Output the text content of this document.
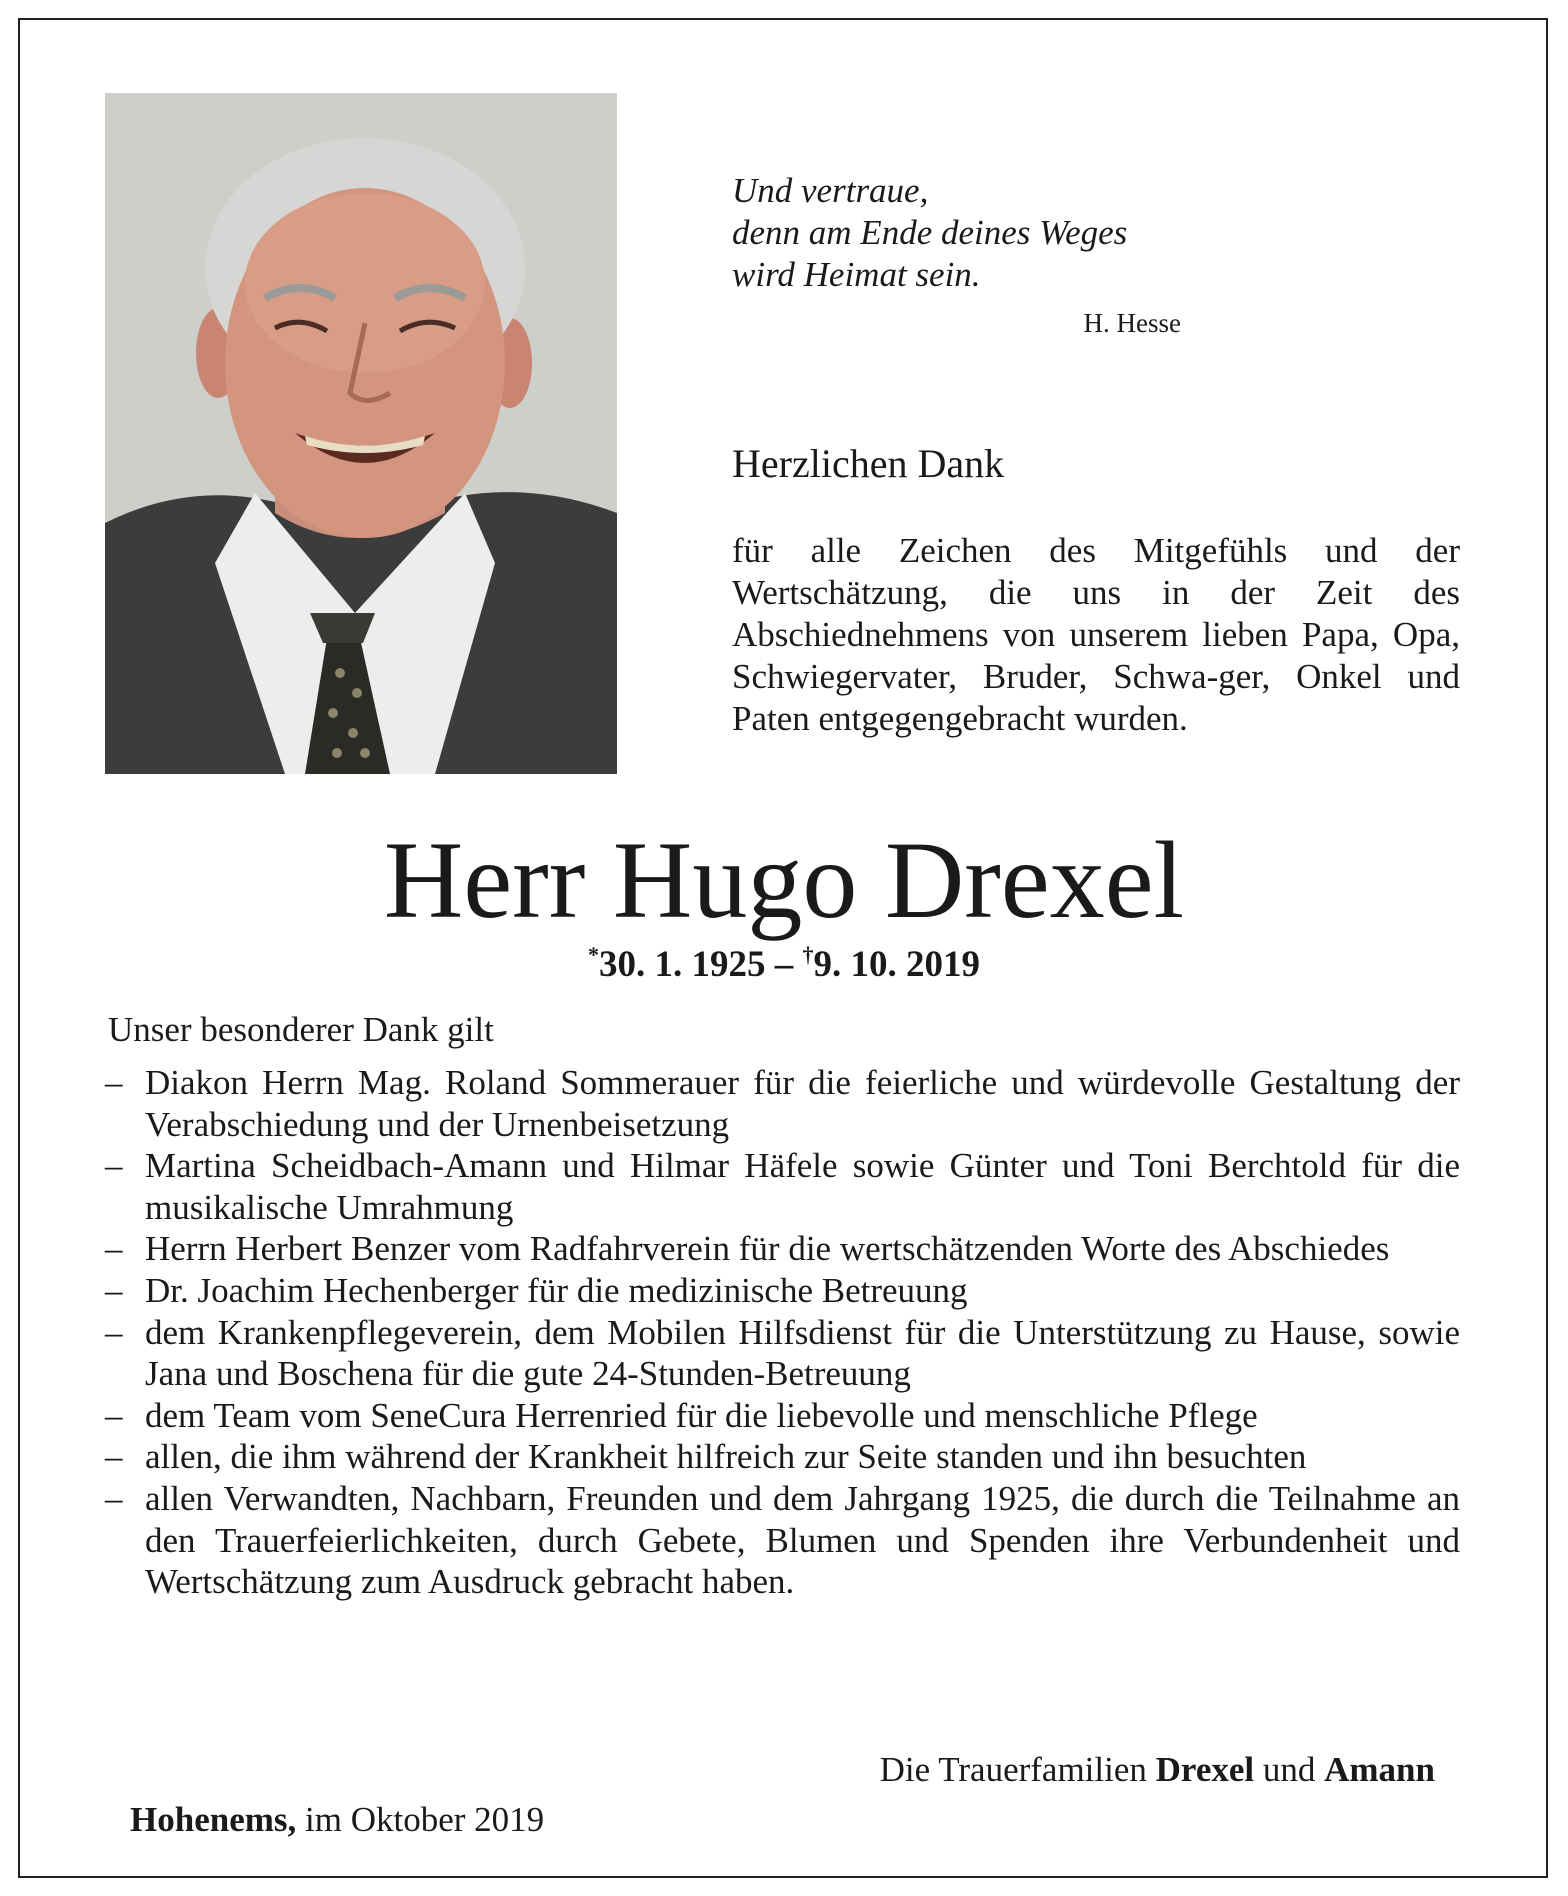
Und vertraue,
denn am Ende deines Weges
wird Heimat sein.
H. Hesse
Herzlichen Dank
für alle Zeichen des Mitgefühls und der Wertschätzung, die uns in der Zeit des Abschiednehmens von unserem lieben Papa, Opa, Schwiegervater, Bruder, Schwa-ger, Onkel und Paten entgegengebracht wurden.
Herr Hugo Drexel
*30. 1. 1925 – †9. 10. 2019
Unser besonderer Dank gilt
– Diakon Herrn Mag. Roland Sommerauer für die feierliche und würdevolle Gestaltung der Verabschiedung und der Urnenbeisetzung
– Martina Scheidbach-Amann und Hilmar Häfele sowie Günter und Toni Berchtold für die musikalische Umrahmung
– Herrn Herbert Benzer vom Radfahrverein für die wertschätzenden Worte des Abschiedes
– Dr. Joachim Hechenberger für die medizinische Betreuung
– dem Krankenpflegeverein, dem Mobilen Hilfsdienst für die Unterstützung zu Hause, sowie Jana und Boschena für die gute 24-Stunden-Betreuung
– dem Team vom SeneCura Herrenried für die liebevolle und menschliche Pflege
– allen, die ihm während der Krankheit hilfreich zur Seite standen und ihn besuchten
– allen Verwandten, Nachbarn, Freunden und dem Jahrgang 1925, die durch die Teilnahme an den Trauerfeierlichkeiten, durch Gebete, Blumen und Spenden ihre Verbundenheit und Wertschätzung zum Ausdruck gebracht haben.
Die Trauerfamilien Drexel und Amann
Hohenems, im Oktober 2019
